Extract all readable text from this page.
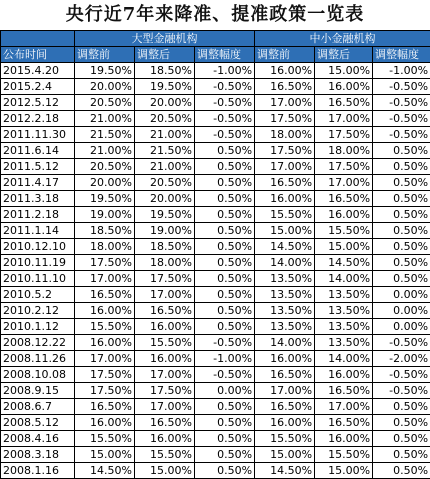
央行近7年来降准、提准政策一览表
	大型金融机构			中小金融机构		
公布时间	调整前	调整后	调整幅度	调整前	调整后	调整幅度
2015.4.20	19.50%	18.50%	-1.00%	16.00%	15.00%	-1.00%
2015.2.4	20.00%	19.50%	-0.50%	16.50%	16.00%	-0.50%
2012.5.12	20.50%	20.00%	-0.50%	17.00%	16.50%	-0.50%
2012.2.18	21.00%	20.50%	-0.50%	17.50%	17.00%	-0.50%
2011.11.30	21.50%	21.00%	-0.50%	18.00%	17.50%	-0.50%
2011.6.14	21.00%	21.50%	0.50%	17.50%	18.00%	0.50%
2011.5.12	20.50%	21.00%	0.50%	17.00%	17.50%	0.50%
2011.4.17	20.00%	20.50%	0.50%	16.50%	17.00%	0.50%
2011.3.18	19.50%	20.00%	0.50%	16.00%	16.50%	0.50%
2011.2.18	19.00%	19.50%	0.50%	15.50%	16.00%	0.50%
2011.1.14	18.50%	19.00%	0.50%	15.00%	15.50%	0.50%
2010.12.10	18.00%	18.50%	0.50%	14.50%	15.00%	0.50%
2010.11.19	17.50%	18.00%	0.50%	14.00%	14.50%	0.50%
2010.11.10	17.00%	17.50%	0.50%	13.50%	14.00%	0.50%
2010.5.2	16.50%	17.00%	0.50%	13.50%	13.50%	0.00%
2010.2.12	16.00%	16.50%	0.50%	13.50%	13.50%	0.00%
2010.1.12	15.50%	16.00%	0.50%	13.50%	13.50%	0.00%
2008.12.22	16.00%	15.50%	-0.50%	14.00%	13.50%	-0.50%
2008.11.26	17.00%	16.00%	-1.00%	16.00%	14.00%	-2.00%
2008.10.08	17.50%	17.00%	-0.50%	16.50%	16.00%	-0.50%
2008.9.15	17.50%	17.50%	0.00%	17.00%	16.50%	-0.50%
2008.6.7	16.50%	17.00%	0.50%	16.50%	17.00%	0.50%
2008.5.12	16.00%	16.50%	0.50%	16.00%	16.50%	0.50%
2008.4.16	15.50%	16.00%	0.50%	15.50%	16.00%	0.50%
2008.3.18	15.00%	15.50%	0.50%	15.00%	15.50%	0.50%
2008.1.16	14.50%	15.00%	0.50%	14.50%	15.00%	0.50%
